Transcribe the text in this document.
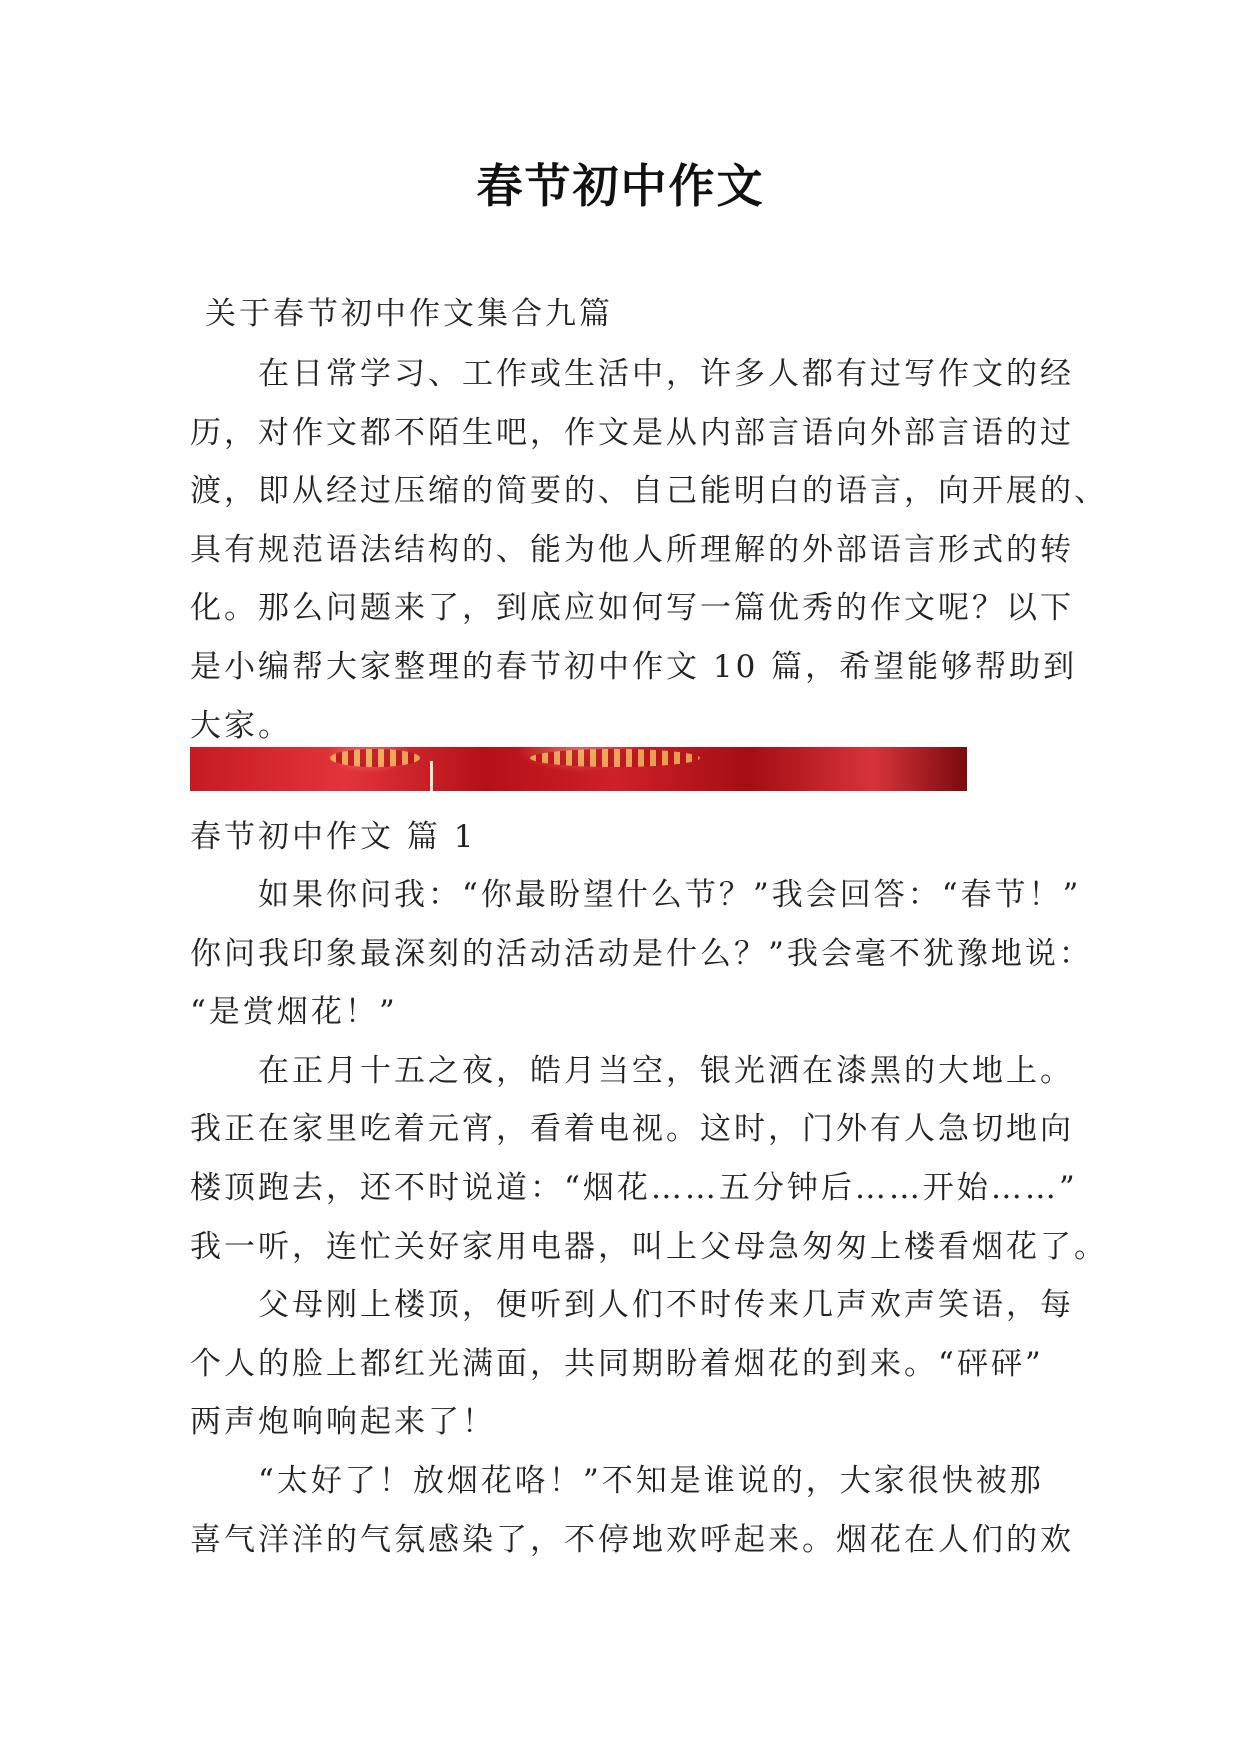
春节初中作文
关于春节初中作文集合九篇
　　在日常学习、工作或生活中，许多人都有过写作文的经
历，对作文都不陌生吧，作文是从内部言语向外部言语的过
渡，即从经过压缩的简要的、自己能明白的语言，向开展的、
具有规范语法结构的、能为他人所理解的外部语言形式的转
化。那么问题来了，到底应如何写一篇优秀的作文呢？以下
是小编帮大家整理的春节初中作文 10 篇，希望能够帮助到
大家。
春节初中作文 篇 1
　　如果你问我：“你最盼望什么节？”我会回答：“春节！”
你问我印象最深刻的活动活动是什么？”我会毫不犹豫地说：
“是赏烟花！”
　　在正月十五之夜，皓月当空，银光洒在漆黑的大地上。
我正在家里吃着元宵，看着电视。这时，门外有人急切地向
楼顶跑去，还不时说道：“烟花……五分钟后……开始……”
我一听，连忙关好家用电器，叫上父母急匆匆上楼看烟花了。
　　父母刚上楼顶，便听到人们不时传来几声欢声笑语，每
个人的脸上都红光满面，共同期盼着烟花的到来。“砰砰”
两声炮响响起来了！
　　“太好了！放烟花咯！”不知是谁说的，大家很快被那
喜气洋洋的气氛感染了，不停地欢呼起来。烟花在人们的欢
